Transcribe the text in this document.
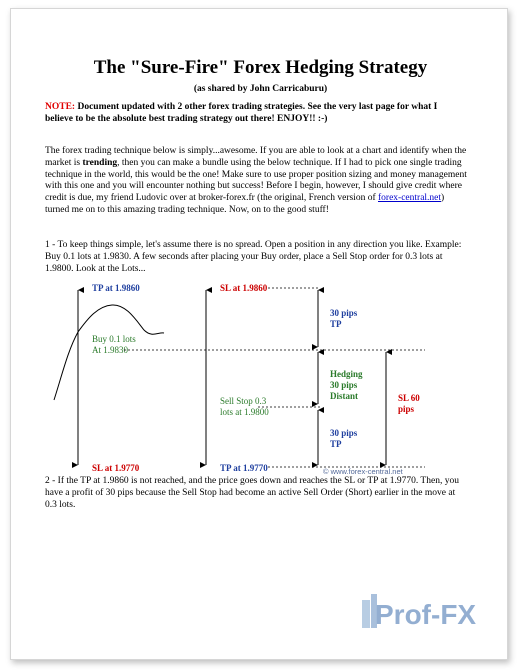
The "Sure-Fire" Forex Hedging Strategy
(as shared by John Carricaburu)
NOTE: Document updated with 2 other forex trading strategies. See the very last page for what I believe to be the absolute best trading strategy out there! ENJOY!! :-)
The forex trading technique below is simply...awesome. If you are able to look at a chart and identify when the market is trending, then you can make a bundle using the below technique. If I had to pick one single trading technique in the world, this would be the one! Make sure to use proper position sizing and money management with this one and you will encounter nothing but success! Before I begin, however, I should give credit where credit is due, my friend Ludovic over at broker-forex.fr (the original, French version of forex-central.net) turned me on to this amazing trading technique. Now, on to the good stuff!
1 - To keep things simple, let's assume there is no spread. Open a position in any direction you like. Example: Buy 0.1 lots at 1.9830. A few seconds after placing your Buy order, place a Sell Stop order for 0.3 lots at 1.9800. Look at the Lots...
TP at 1.9860
SL at 1.9770
Buy 0.1 lots
At 1.9830
SL at 1.9860
TP at 1.9770
Sell Stop 0.3
lots at 1.9800
30 pips
TP
Hedging
30 pips
Distant
30 pips
TP
SL 60
pips
© www.forex-central.net
2 - If the TP at 1.9860 is not reached, and the price goes down and reaches the SL or TP at 1.9770. Then, you have a profit of 30 pips because the Sell Stop had become an active Sell Order (Short) earlier in the move at 0.3 lots.
Prof-FX
